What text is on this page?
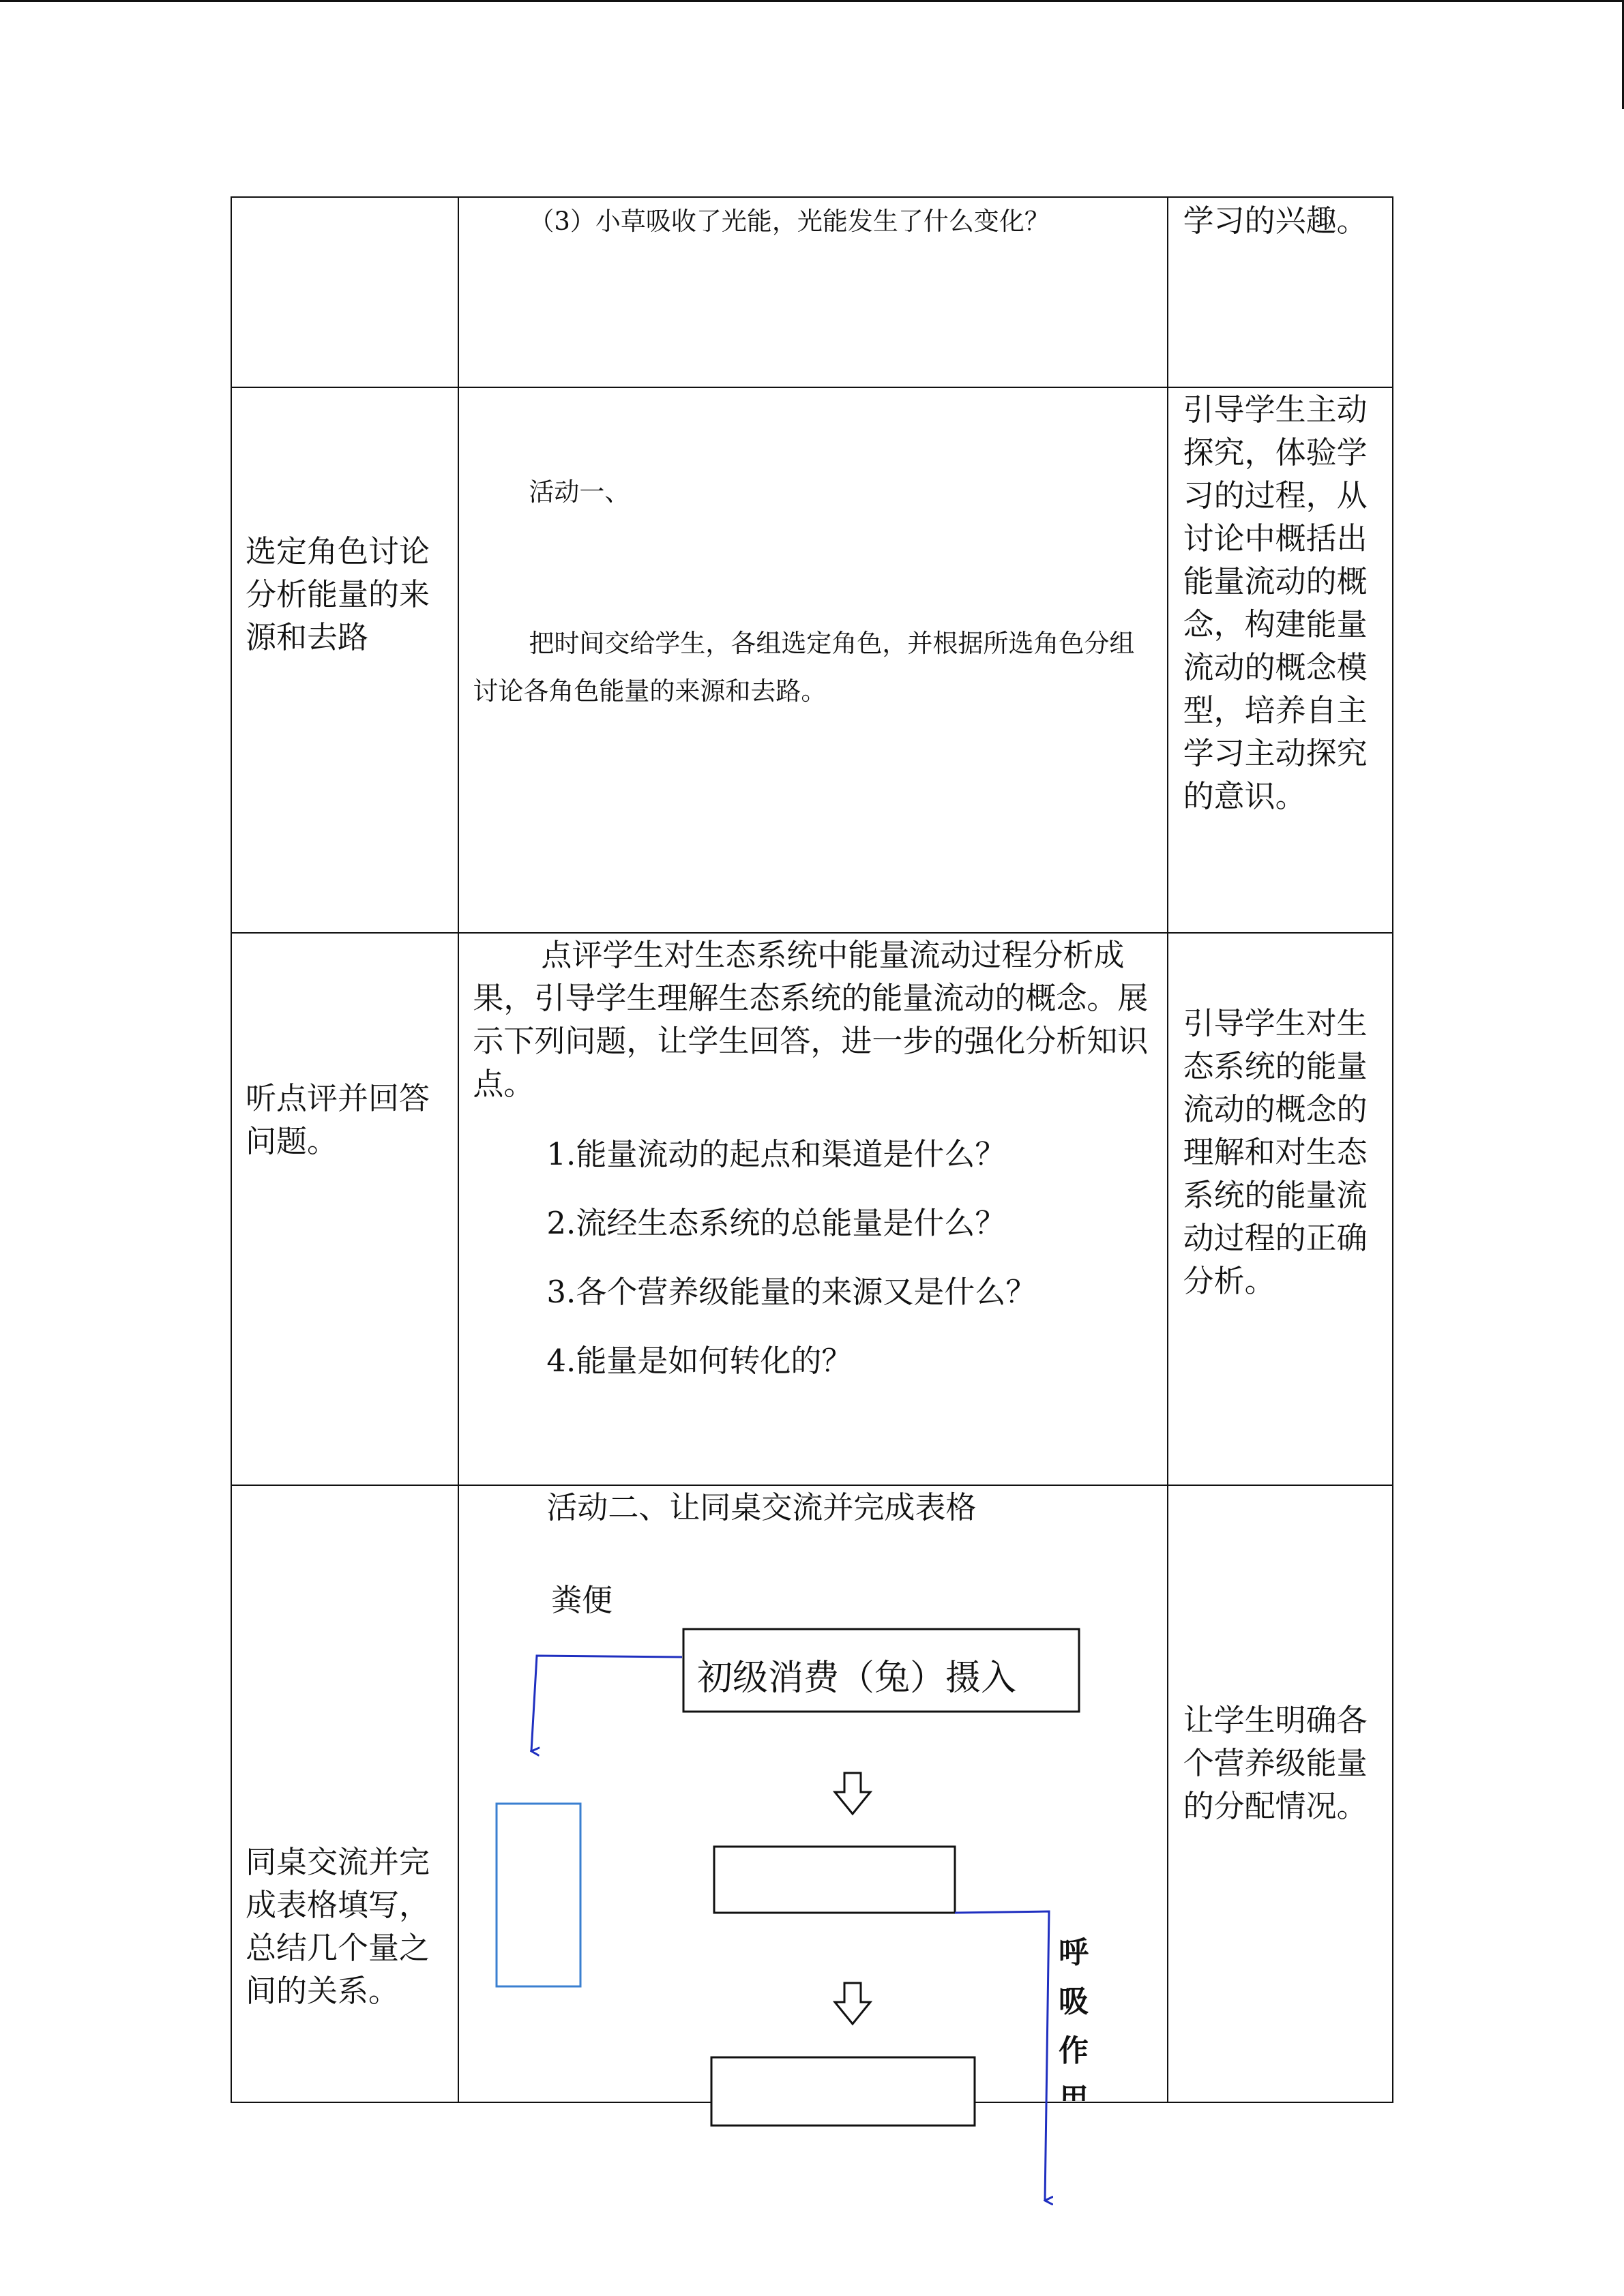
	（3）小草吸收了光能，光能发生了什么变化？	学习的兴趣。

选定角色讨论分析能量的来源和去路	活动一、
把时间交给学生，各组选定角色，并根据所选角色分组讨论各角色能量的来源和去路。	引导学生主动探究，体验学习的过程，从讨论中概括出能量流动的概念，构建能量流动的概念模型，培养自主学习主动探究的意识。

听点评并回答问题。	点评学生对生态系统中能量流动过程分析成果，引导学生理解生态系统的能量流动的概念。展示下列问题，让学生回答，进一步的强化分析知识点。
1.能量流动的起点和渠道是什么？
2.流经生态系统的总能量是什么？
3.各个营养级能量的来源又是什么？
4.能量是如何转化的？	引导学生对生态系统的能量流动的概念的理解和对生态系统的能量流动过程的正确分析。

同桌交流并完成表格填写，总结几个量之间的关系。	活动二、让同桌交流并完成表格	让学生明确各个营养级能量的分配情况。
粪便
初级消费（兔）摄入
呼
吸
作
用
